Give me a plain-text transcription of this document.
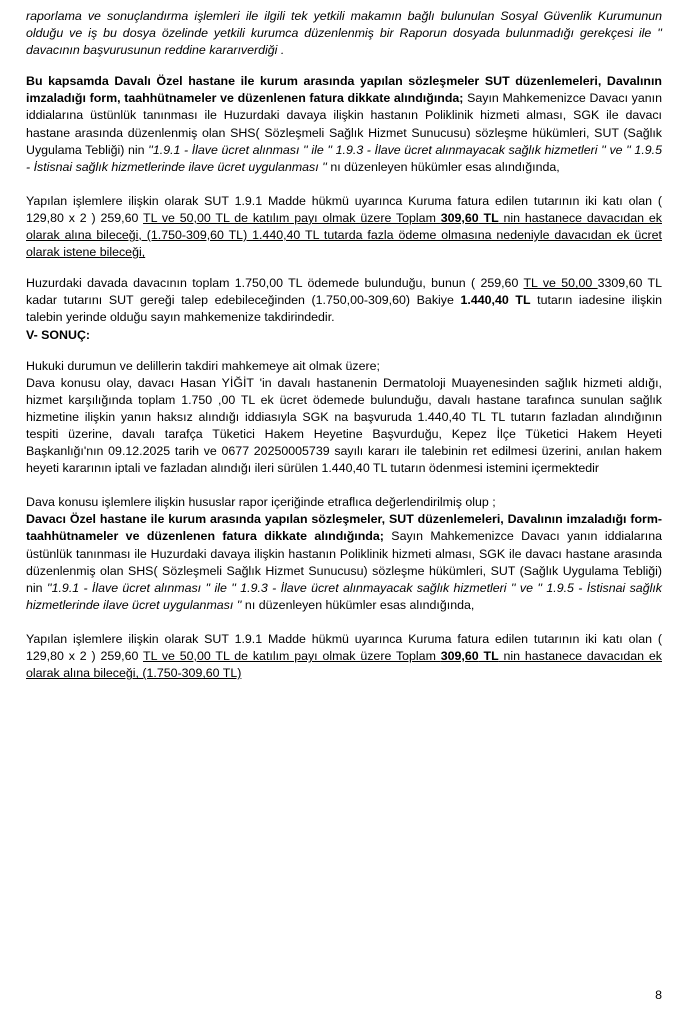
raporlama ve sonuçlandırma işlemleri ile ilgili tek yetkili makamın bağlı bulunulan Sosyal Güvenlik Kurumunun olduğu ve iş bu dosya özelinde yetkili kurumca düzenlenmiş bir Raporun dosyada bulunmadığı gerekçesi ile '' davacının başvurusunun reddine kararıverdiği .

Bu kapsamda Davalı Özel hastane ile kurum arasında yapılan sözleşmeler SUT düzenlemeleri, Davalının imzaladığı form, taahhütnameler ve düzenlenen fatura dikkate alındığında; Sayın Mahkemenizce Davacı yanın iddialarına üstünlük tanınması ile Huzurdaki davaya ilişkin hastanın Poliklinik hizmeti alması, SGK ile davacı hastane arasında düzenlenmiş olan SHS( Sözleşmeli Sağlık Hizmet Sunucusu) sözleşme hükümleri, SUT (Sağlık Uygulama Tebliği) nin ''1.9.1 - İlave ücret alınması '' ile '' 1.9.3 - İlave ücret alınmayacak sağlık hizmetleri '' ve '' 1.9.5 - İstisnai sağlık hizmetlerinde ilave ücret uygulanması '' nı düzenleyen hükümler esas alındığında,

Yapılan işlemlere ilişkin olarak SUT 1.9.1 Madde hükmü uyarınca Kuruma fatura edilen tutarının iki katı olan ( 129,80 x 2 ) 259,60 TL ve 50,00 TL de katılım payı olmak üzere Toplam 309,60 TL nin hastanece davacıdan ek olarak alına bileceği, (1.750-309,60 TL) 1.440,40 TL tutarda fazla ödeme olmasına nedeniyle davacıdan ek ücret olarak istene bileceği,

Huzurdaki davada davacının toplam 1.750,00 TL ödemede bulunduğu, bunun ( 259,60 TL ve 50,00 3309,60 TL kadar tutarını SUT gereği talep edebileceğinden (1.750,00-309,60) Bakiye 1.440,40 TL tutarın iadesine ilişkin talebin yerinde olduğu sayın mahkemenize takdirindedir.

V- SONUÇ:

Hukuki durumun ve delillerin takdiri mahkemeye ait olmak üzere;

Dava konusu olay, davacı Hasan YİĞİT 'in davalı hastanenin Dermatoloji Muayenesinden sağlık hizmeti aldığı, hizmet karşılığında toplam 1.750 ,00 TL ek ücret ödemede bulunduğu, davalı hastane tarafınca sunulan sağlık hizmetine ilişkin yanın haksız alındığı iddiasıyla SGK na başvuruda 1.440,40 TL TL tutarın fazladan alındığının tespiti üzerine, davalı tarafça Tüketici Hakem Heyetine Başvurduğu, Kepez İlçe Tüketici Hakem Heyeti Başkanlığı'nın 09.12.2025 tarih ve 0677 20250005739 sayılı kararı ile talebinin ret edilmesi üzerini, anılan hakem heyeti kararının iptali ve fazladan alındığı ileri sürülen 1.440,40 TL tutarın ödenmesi istemini içermektedir

Dava konusu işlemlere ilişkin hususlar rapor içeriğinde etraflıca değerlendirilmiş olup ;

Davacı Özel hastane ile kurum arasında yapılan sözleşmeler, SUT düzenlemeleri, Davalının imzaladığı form-taahhütnameler ve düzenlenen fatura dikkate alındığında; Sayın Mahkemenizce Davacı yanın iddialarına üstünlük tanınması ile Huzurdaki davaya ilişkin hastanın Poliklinik hizmeti alması, SGK ile davacı hastane arasında düzenlenmiş olan SHS( Sözleşmeli Sağlık Hizmet Sunucusu) sözleşme hükümleri, SUT (Sağlık Uygulama Tebliği) nin ''1.9.1 - İlave ücret alınması '' ile '' 1.9.3 - İlave ücret alınmayacak sağlık hizmetleri '' ve '' 1.9.5 - İstisnai sağlık hizmetlerinde ilave ücret uygulanması '' nı düzenleyen hükümler esas alındığında,

Yapılan işlemlere ilişkin olarak SUT 1.9.1 Madde hükmü uyarınca Kuruma fatura edilen tutarının iki katı olan ( 129,80 x 2 ) 259,60 TL ve 50,00 TL de katılım payı olmak üzere Toplam 309,60 TL nin hastanece davacıdan ek olarak alına bileceği, (1.750-309,60 TL)

8
